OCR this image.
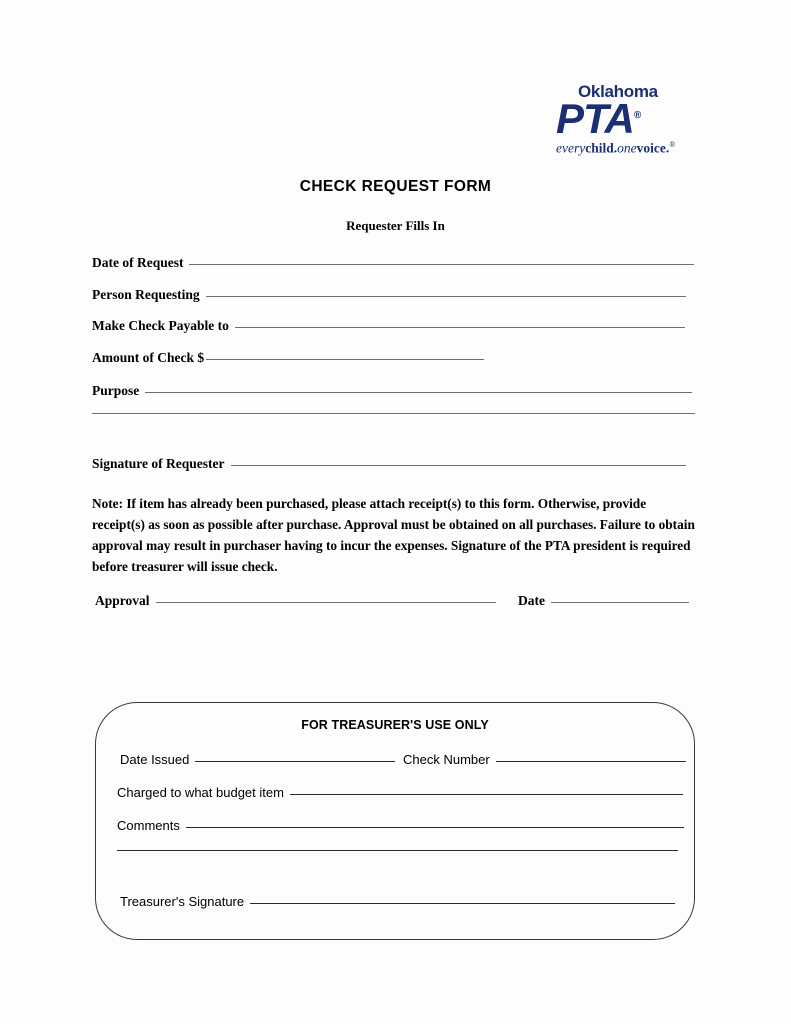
Oklahoma
PTA®
everychild.onevoice.®
CHECK REQUEST FORM
Requester Fills In
Date of Request
Person Requesting
Make Check Payable to
Amount of Check $
Purpose
Signature of Requester
Note: If item has already been purchased, please attach receipt(s) to this form. Otherwise, provide receipt(s) as soon as possible after purchase. Approval must be obtained on all purchases. Failure to obtain approval may result in purchaser having to incur the expenses. Signature of the PTA president is required before treasurer will issue check.
Approval	Date
FOR TREASURER'S USE ONLY
Date Issued	Check Number
Charged to what budget item
Comments
Treasurer's Signature
